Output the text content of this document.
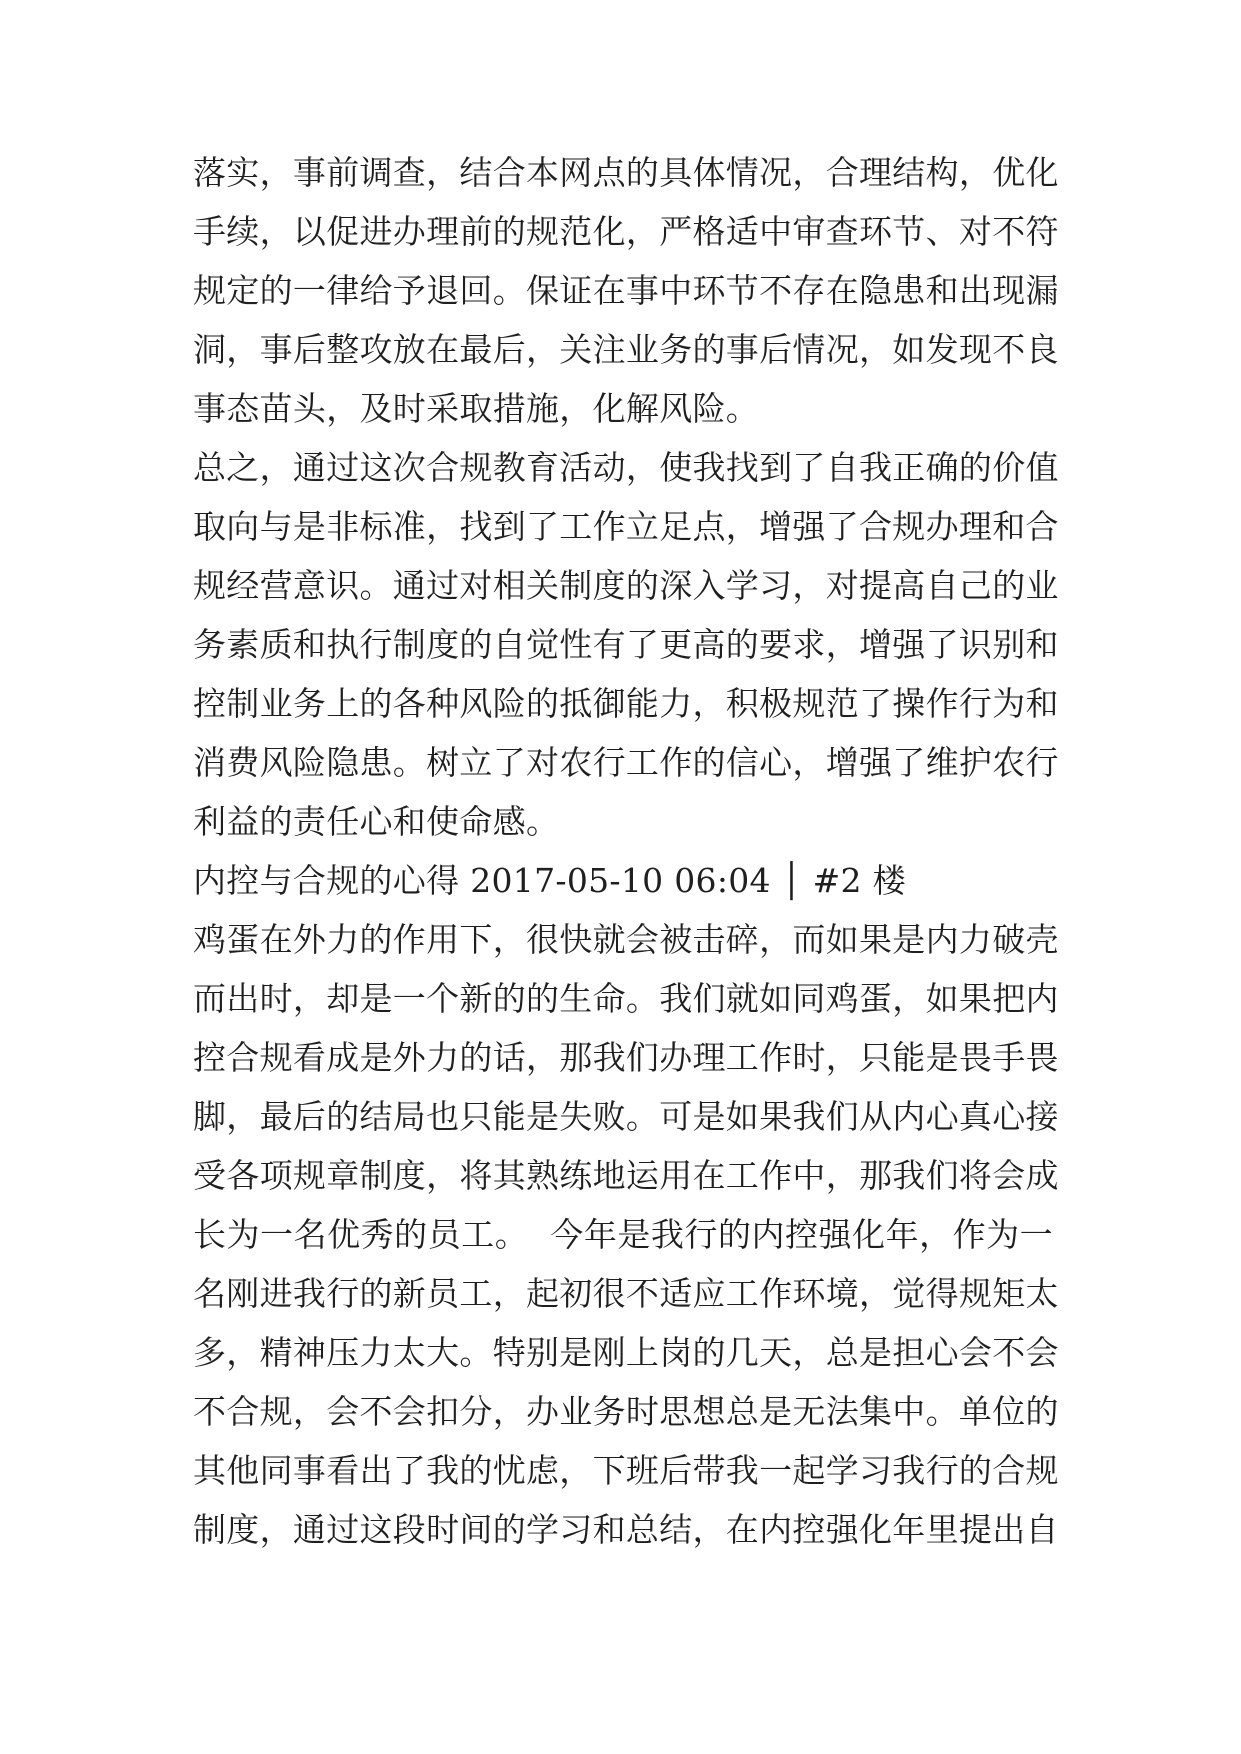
落实，事前调查，结合本网点的具体情况，合理结构，优化
手续，以促进办理前的规范化，严格适中审查环节、对不符
规定的一律给予退回。保证在事中环节不存在隐患和出现漏
洞，事后整攻放在最后，关注业务的事后情况，如发现不良
事态苗头，及时采取措施，化解风险。
总之，通过这次合规教育活动，使我找到了自我正确的价值
取向与是非标准，找到了工作立足点，增强了合规办理和合
规经营意识。通过对相关制度的深入学习，对提高自己的业
务素质和执行制度的自觉性有了更高的要求，增强了识别和
控制业务上的各种风险的抵御能力，积极规范了操作行为和
消费风险隐患。树立了对农行工作的信心，增强了维护农行
利益的责任心和使命感。
内控与合规的心得 2017-05-10 06:04 │ #2 楼
鸡蛋在外力的作用下，很快就会被击碎，而如果是内力破壳
而出时，却是一个新的的生命。我们就如同鸡蛋，如果把内
控合规看成是外力的话，那我们办理工作时，只能是畏手畏
脚，最后的结局也只能是失败。可是如果我们从内心真心接
受各项规章制度，将其熟练地运用在工作中，那我们将会成
长为一名优秀的员工。  今年是我行的内控强化年，作为一
名刚进我行的新员工，起初很不适应工作环境，觉得规矩太
多，精神压力太大。特别是刚上岗的几天，总是担心会不会
不合规，会不会扣分，办业务时思想总是无法集中。单位的
其他同事看出了我的忧虑，下班后带我一起学习我行的合规
制度，通过这段时间的学习和总结，在内控强化年里提出自
